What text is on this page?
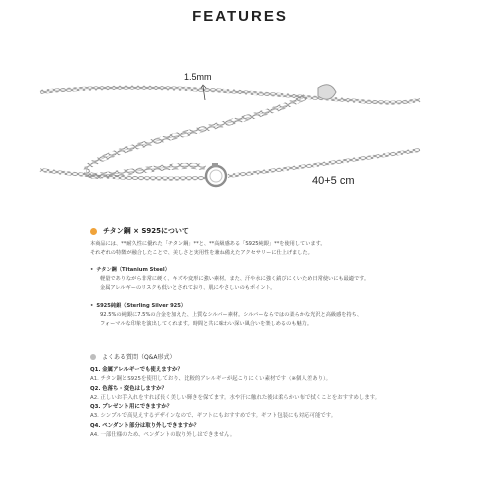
FEATURES
1.5mm
40+5 cm
チタン鋼 × S925について
本商品には、**耐久性に優れた「チタン鋼」**と、**高級感ある「S925純銀」**を使用しています。
それぞれの特徴が融合したことで、美しさと実用性を兼ね備えたアクセサリーに仕上げました。
• チタン鋼（Titanium Steel）
軽量でありながら非常に硬く、キズや変形に強い素材。また、汗や水に強く錆びにくいため日常使いにも最適です。
金属アレルギーのリスクも低いとされており、肌にやさしいのもポイント。
• S925純銀（Sterling Silver 925）
92.5%の純銀に7.5%の合金を加えた、上質なシルバー素材。シルバーならではの柔らかな光沢と高級感を持ち、
フォーマルな印象を演出してくれます。時間と共に味わい深い風合いを楽しめるのも魅力。
よくある質問（Q&A形式）
Q1. 金属アレルギーでも使えますか？
A1. チタン鋼とS925を使用しており、比較的アレルギーが起こりにくい素材です（※個人差あり）。
Q2. 色落ち・変色はしますか？
A2. 正しいお手入れをすれば長く美しい輝きを保てます。水や汗に触れた後は柔らかい布で拭くことをおすすめします。
Q3. プレゼント用にできますか？
A3. シンプルで高見えするデザインなので、ギフトにもおすすめです。ギフト包装にも対応可能です。
Q4. ペンダント部分は取り外しできますか？
A4. 一部仕様のため、ペンダントの取り外しはできません。
